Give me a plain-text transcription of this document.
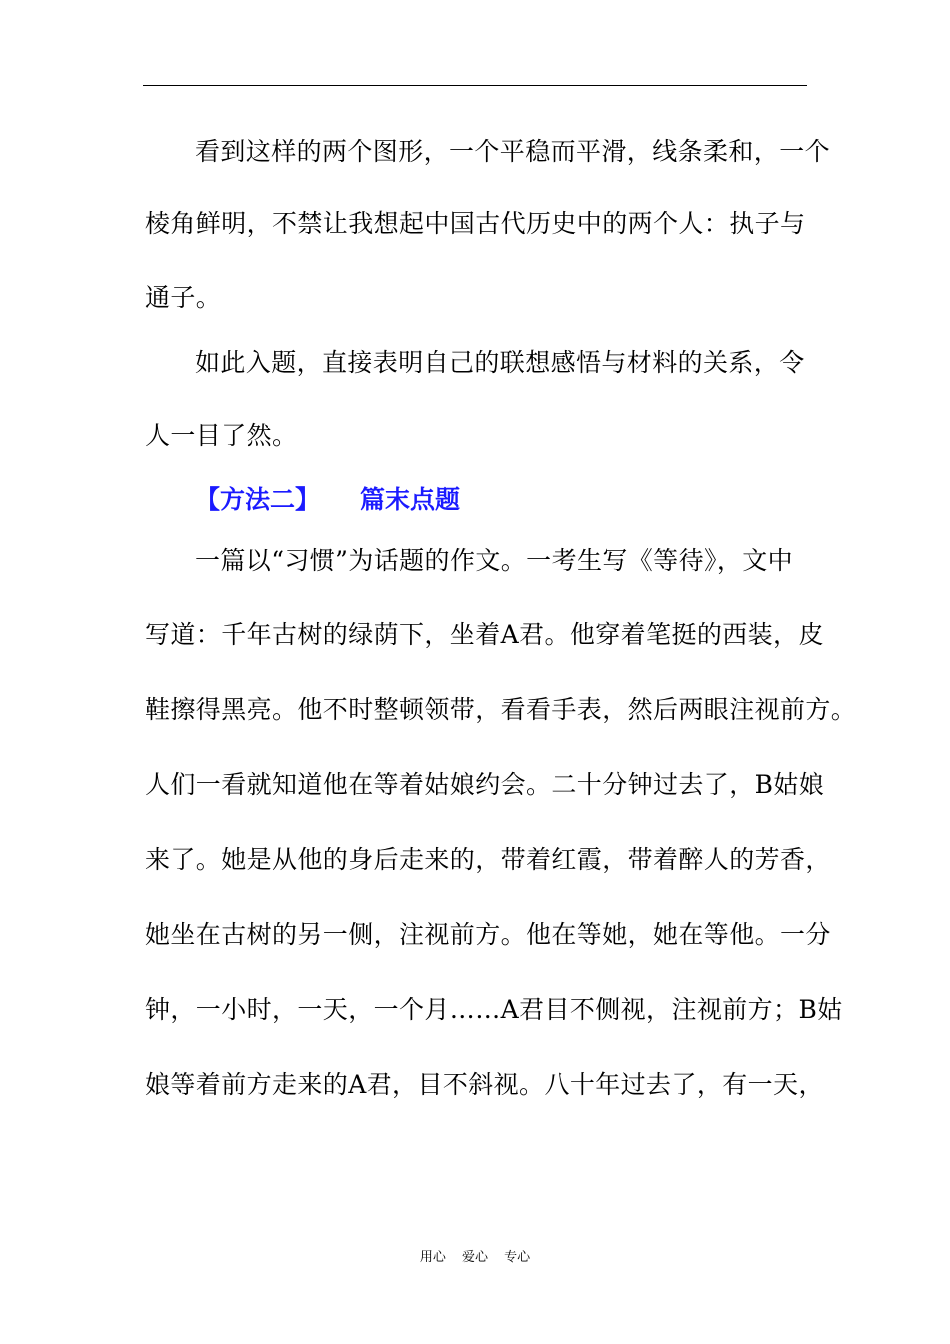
看到这样的两个图形，一个平稳而平滑，线条柔和，一个
棱角鲜明，不禁让我想起中国古代历史中的两个人：执子与
通子。
如此入题，直接表明自己的联想感悟与材料的关系，令
人一目了然。
【方法二】 篇末点题
一篇以“习惯”为话题的作文。一考生写《等待》，文中
写道：千年古树的绿荫下，坐着A君。他穿着笔挺的西装，皮
鞋擦得黑亮。他不时整顿领带，看看手表，然后两眼注视前方。
人们一看就知道他在等着姑娘约会。二十分钟过去了，B姑娘
来了。她是从他的身后走来的，带着红霞，带着醉人的芳香，
她坐在古树的另一侧，注视前方。他在等她，她在等他。一分
钟，一小时，一天，一个月……A君目不侧视，注视前方；B姑
娘等着前方走来的A君，目不斜视。八十年过去了，有一天，
用心 爱心 专心
